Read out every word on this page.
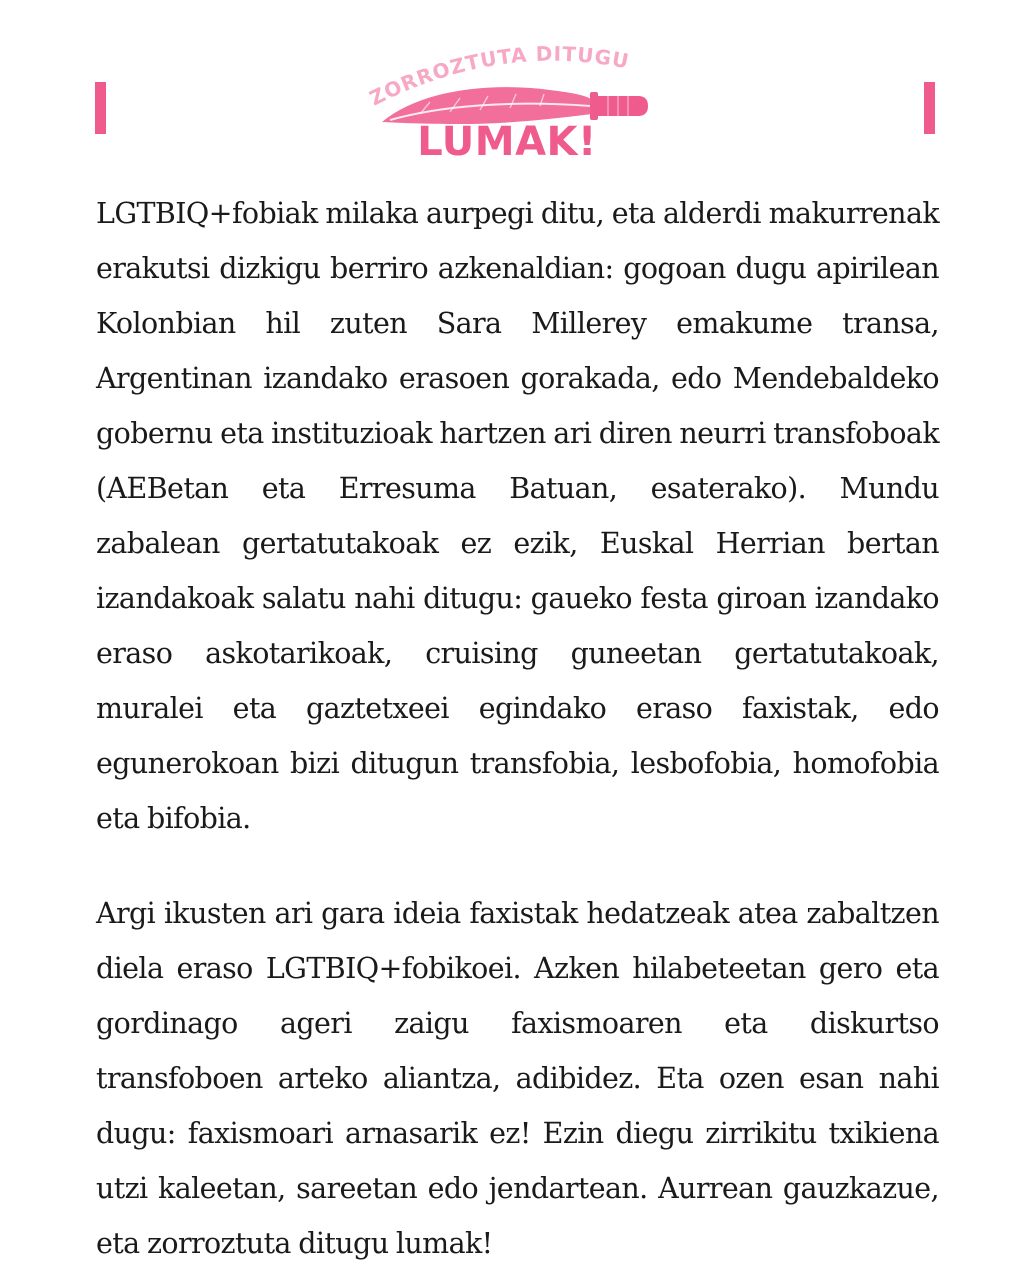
ZORROZTUTA DITUGU
LUMAK!

LGTBIQ+fobiak milaka aurpegi ditu, eta alderdi makurrenak erakutsi dizkigu berriro azkenaldian: gogoan dugu apirilean Kolonbian hil zuten Sara Millerey emakume transa, Argentinan izandako erasoen gorakada, edo Mendebaldeko gobernu eta instituzioak hartzen ari diren neurri transfoboak (AEBetan eta Erresuma Batuan, esaterako). Mundu zabalean gertatutakoak ez ezik, Euskal Herrian bertan izandakoak salatu nahi ditugu: gaueko festa giroan izandako eraso askotarikoak, cruising guneetan gertatutakoak, muralei eta gaztetxeei egindako eraso faxistak, edo egunerokoan bizi ditugun transfobia, lesbofobia, homofobia eta bifobia.

Argi ikusten ari gara ideia faxistak hedatzeak atea zabaltzen diela eraso LGTBIQ+fobikoei. Azken hilabeteetan gero eta gordinago ageri zaigu faxismoaren eta diskurtso transfoboen arteko aliantza, adibidez. Eta ozen esan nahi dugu: faxismoari arnasarik ez! Ezin diegu zirrikitu txikiena utzi kaleetan, sareetan edo jendartean. Aurrean gauzkazue, eta zorroztuta ditugu lumak!
